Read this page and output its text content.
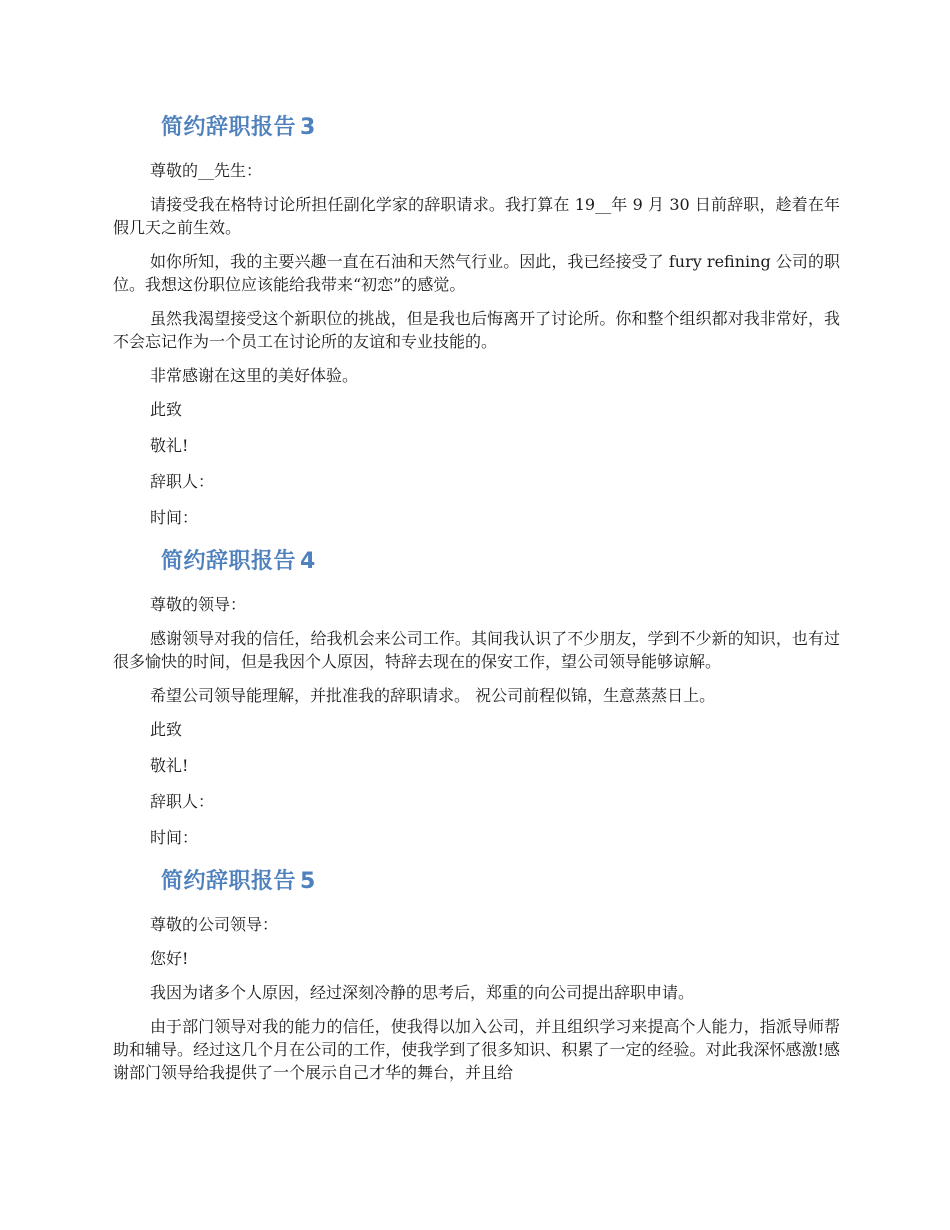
简约辞职报告 3

尊敬的__先生：

请接受我在格特讨论所担任副化学家的辞职请求。我打算在 19__年 9 月 30 日前辞职，趁着在年假几天之前生效。

如你所知，我的主要兴趣一直在石油和天然气行业。因此，我已经接受了 fury refining 公司的职位。我想这份职位应该能给我带来“初恋”的感觉。

虽然我渴望接受这个新职位的挑战，但是我也后悔离开了讨论所。你和整个组织都对我非常好，我不会忘记作为一个员工在讨论所的友谊和专业技能的。

非常感谢在这里的美好体验。

此致

敬礼!

辞职人：

时间：

简约辞职报告 4

尊敬的领导：

感谢领导对我的信任，给我机会来公司工作。其间我认识了不少朋友，学到不少新的知识，也有过很多愉快的时间，但是我因个人原因，特辞去现在的保安工作，望公司领导能够谅解。

希望公司领导能理解，并批准我的辞职请求。 祝公司前程似锦，生意蒸蒸日上。

此致

敬礼!

辞职人：

时间：

简约辞职报告 5

尊敬的公司领导：

您好!

我因为诸多个人原因，经过深刻冷静的思考后，郑重的向公司提出辞职申请。

由于部门领导对我的能力的信任，使我得以加入公司，并且组织学习来提高个人能力，指派导师帮助和辅导。经过这几个月在公司的工作，使我学到了很多知识、积累了一定的经验。对此我深怀感激!感谢部门领导给我提供了一个展示自己才华的舞台，并且给
